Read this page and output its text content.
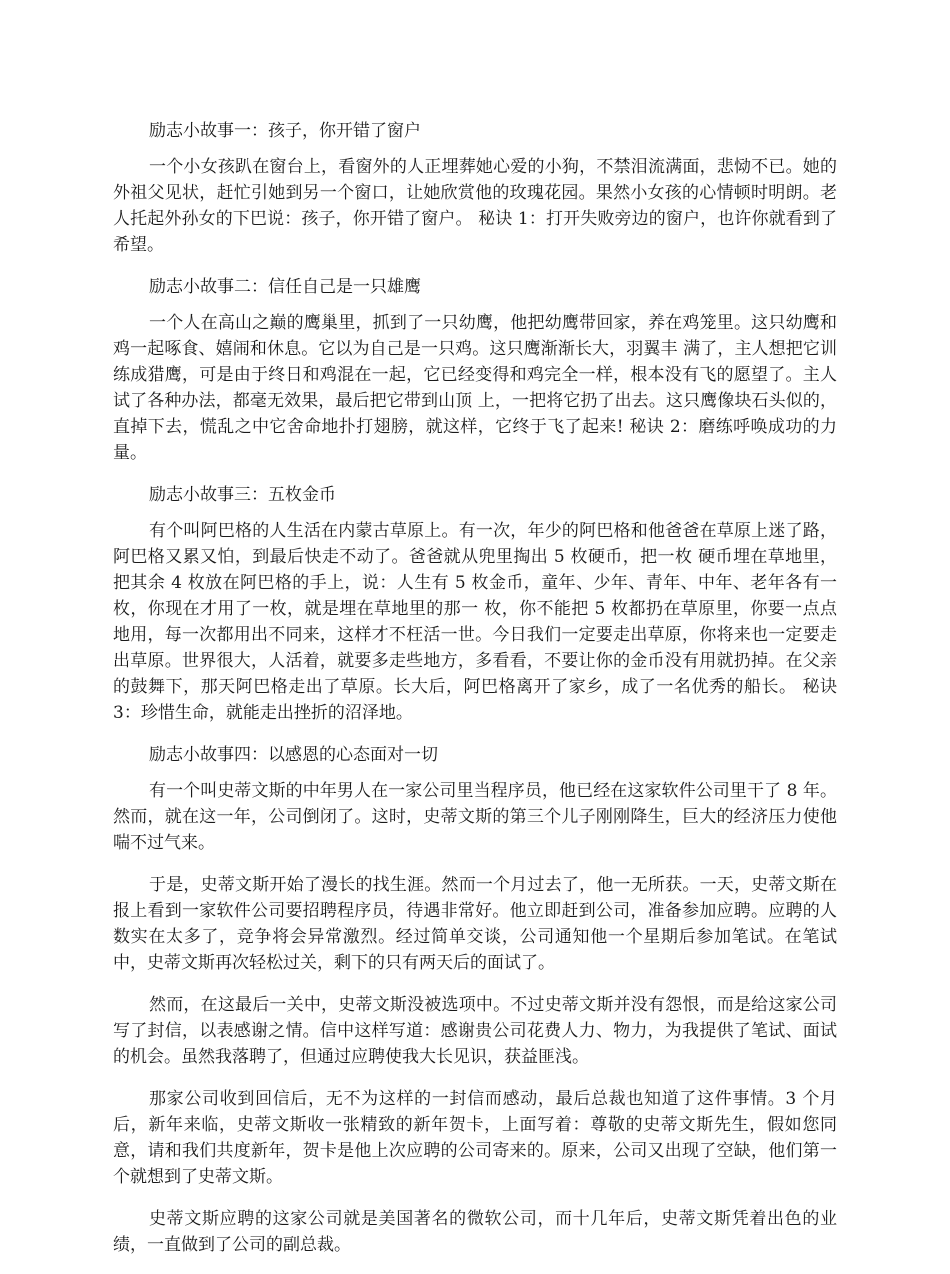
励志小故事一：孩子，你开错了窗户

一个小女孩趴在窗台上，看窗外的人正埋葬她心爱的小狗，不禁泪流满面，悲恸不已。她的外祖父见状，赶忙引她到另一个窗口，让她欣赏他的玫瑰花园。果然小女孩的心情顿时明朗。老人托起外孙女的下巴说：孩子，你开错了窗户。 秘诀 1：打开失败旁边的窗户，也许你就看到了希望。

励志小故事二：信任自己是一只雄鹰

一个人在高山之巅的鹰巢里，抓到了一只幼鹰，他把幼鹰带回家，养在鸡笼里。这只幼鹰和鸡一起啄食、嬉闹和休息。它以为自己是一只鸡。这只鹰渐渐长大，羽翼丰 满了，主人想把它训练成猎鹰，可是由于终日和鸡混在一起，它已经变得和鸡完全一样，根本没有飞的愿望了。主人试了各种办法，都毫无效果，最后把它带到山顶 上，一把将它扔了出去。这只鹰像块石头似的，直掉下去，慌乱之中它舍命地扑打翅膀，就这样，它终于飞了起来! 秘诀 2：磨练呼唤成功的力量。

励志小故事三：五枚金币

有个叫阿巴格的人生活在内蒙古草原上。有一次，年少的阿巴格和他爸爸在草原上迷了路，阿巴格又累又怕，到最后快走不动了。爸爸就从兜里掏出 5 枚硬币，把一枚 硬币埋在草地里，把其余 4 枚放在阿巴格的手上，说：人生有 5 枚金币，童年、少年、青年、中年、老年各有一枚，你现在才用了一枚，就是埋在草地里的那一 枚，你不能把 5 枚都扔在草原里，你要一点点地用，每一次都用出不同来，这样才不枉活一世。今日我们一定要走出草原，你将来也一定要走出草原。世界很大，人活着，就要多走些地方，多看看，不要让你的金币没有用就扔掉。在父亲的鼓舞下，那天阿巴格走出了草原。长大后，阿巴格离开了家乡，成了一名优秀的船长。 秘诀 3：珍惜生命，就能走出挫折的沼泽地。

励志小故事四：以感恩的心态面对一切

有一个叫史蒂文斯的中年男人在一家公司里当程序员，他已经在这家软件公司里干了 8 年。然而，就在这一年，公司倒闭了。这时，史蒂文斯的第三个儿子刚刚降生，巨大的经济压力使他喘不过气来。

于是，史蒂文斯开始了漫长的找生涯。然而一个月过去了，他一无所获。一天，史蒂文斯在报上看到一家软件公司要招聘程序员，待遇非常好。他立即赶到公司，准备参加应聘。应聘的人数实在太多了，竞争将会异常激烈。经过简单交谈，公司通知他一个星期后参加笔试。在笔试中，史蒂文斯再次轻松过关，剩下的只有两天后的面试了。

然而，在这最后一关中，史蒂文斯没被选项中。不过史蒂文斯并没有怨恨，而是给这家公司写了封信，以表感谢之情。信中这样写道：感谢贵公司花费人力、物力，为我提供了笔试、面试的机会。虽然我落聘了，但通过应聘使我大长见识，获益匪浅。

那家公司收到回信后，无不为这样的一封信而感动，最后总裁也知道了这件事情。3 个月后，新年来临，史蒂文斯收一张精致的新年贺卡，上面写着：尊敬的史蒂文斯先生，假如您同意，请和我们共度新年，贺卡是他上次应聘的公司寄来的。原来，公司又出现了空缺，他们第一个就想到了史蒂文斯。

史蒂文斯应聘的这家公司就是美国著名的微软公司，而十几年后，史蒂文斯凭着出色的业绩，一直做到了公司的副总裁。
